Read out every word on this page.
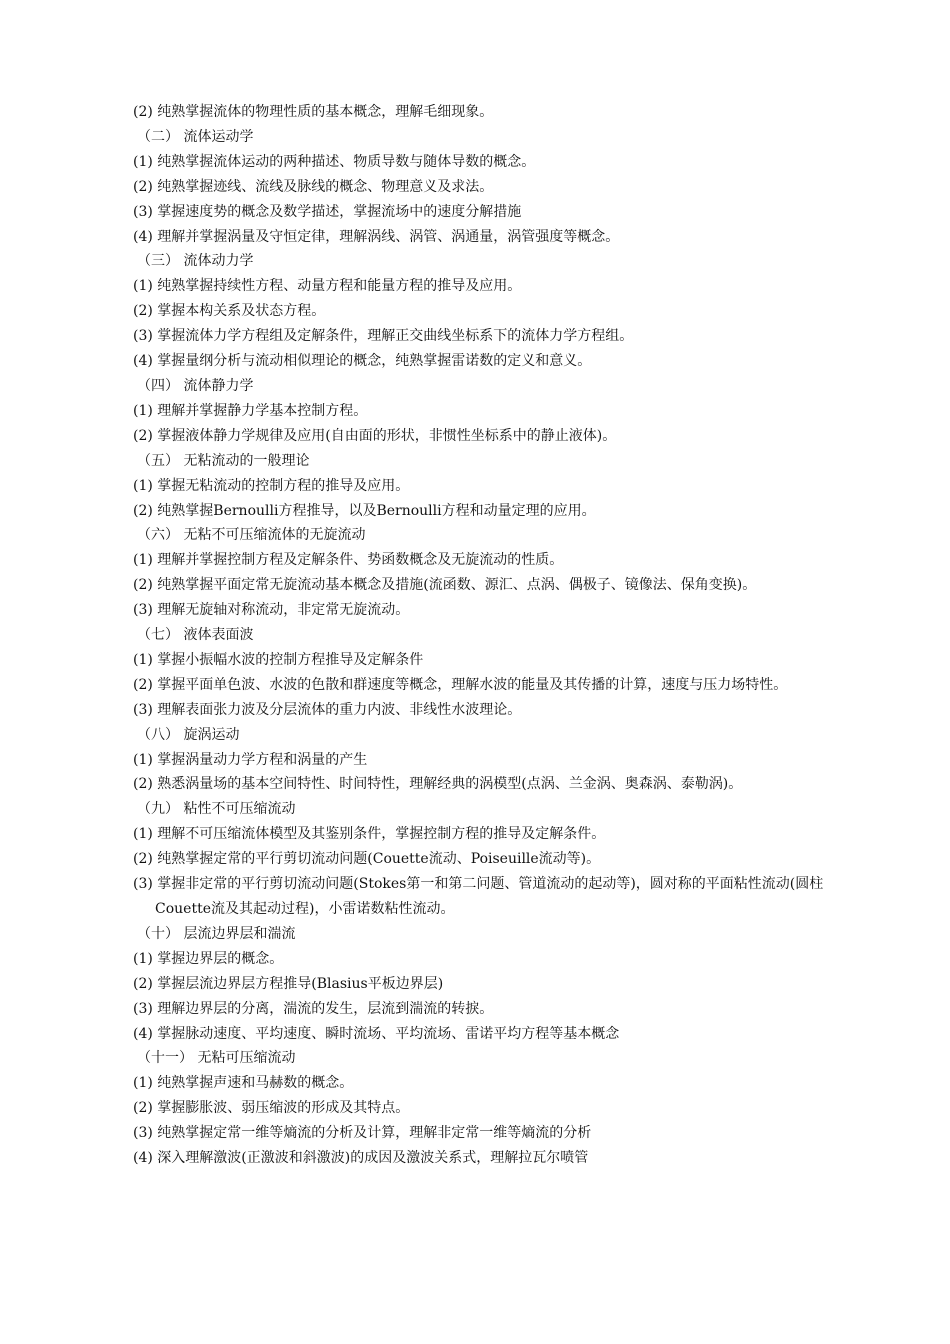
(2) 纯熟掌握流体的物理性质的基本概念，理解毛细现象。
（二） 流体运动学
(1) 纯熟掌握流体运动的两种描述、物质导数与随体导数的概念。
(2) 纯熟掌握迹线、流线及脉线的概念、物理意义及求法。
(3) 掌握速度势的概念及数学描述，掌握流场中的速度分解措施
(4) 理解并掌握涡量及守恒定律，理解涡线、涡管、涡通量，涡管强度等概念。
（三） 流体动力学
(1) 纯熟掌握持续性方程、动量方程和能量方程的推导及应用。
(2) 掌握本构关系及状态方程。
(3) 掌握流体力学方程组及定解条件，理解正交曲线坐标系下的流体力学方程组。
(4) 掌握量纲分析与流动相似理论的概念，纯熟掌握雷诺数的定义和意义。
（四） 流体静力学
(1) 理解并掌握静力学基本控制方程。
(2) 掌握液体静力学规律及应用(自由面的形状，非惯性坐标系中的静止液体)。
（五） 无粘流动的一般理论
(1) 掌握无粘流动的控制方程的推导及应用。
(2) 纯熟掌握Bernoulli方程推导，以及Bernoulli方程和动量定理的应用。
（六） 无粘不可压缩流体的无旋流动
(1) 理解并掌握控制方程及定解条件、势函数概念及无旋流动的性质。
(2) 纯熟掌握平面定常无旋流动基本概念及措施(流函数、源汇、点涡、偶极子、镜像法、保角变换)。
(3) 理解无旋轴对称流动，非定常无旋流动。
（七） 液体表面波
(1) 掌握小振幅水波的控制方程推导及定解条件
(2) 掌握平面单色波、水波的色散和群速度等概念，理解水波的能量及其传播的计算，速度与压力场特性。
(3) 理解表面张力波及分层流体的重力内波、非线性水波理论。
（八） 旋涡运动
(1) 掌握涡量动力学方程和涡量的产生
(2) 熟悉涡量场的基本空间特性、时间特性，理解经典的涡模型(点涡、兰金涡、奥森涡、泰勒涡)。
（九） 粘性不可压缩流动
(1) 理解不可压缩流体模型及其鉴别条件，掌握控制方程的推导及定解条件。
(2) 纯熟掌握定常的平行剪切流动问题(Couette流动、Poiseuille流动等)。
(3) 掌握非定常的平行剪切流动问题(Stokes第一和第二问题、管道流动的起动等)，圆对称的平面粘性流动(圆柱Couette流及其起动过程)，小雷诺数粘性流动。
（十） 层流边界层和湍流
(1) 掌握边界层的概念。
(2) 掌握层流边界层方程推导(Blasius平板边界层)
(3) 理解边界层的分离，湍流的发生，层流到湍流的转捩。
(4) 掌握脉动速度、平均速度、瞬时流场、平均流场、雷诺平均方程等基本概念
（十一） 无粘可压缩流动
(1) 纯熟掌握声速和马赫数的概念。
(2) 掌握膨胀波、弱压缩波的形成及其特点。
(3) 纯熟掌握定常一维等熵流的分析及计算，理解非定常一维等熵流的分析
(4) 深入理解激波(正激波和斜激波)的成因及激波关系式，理解拉瓦尔喷管
